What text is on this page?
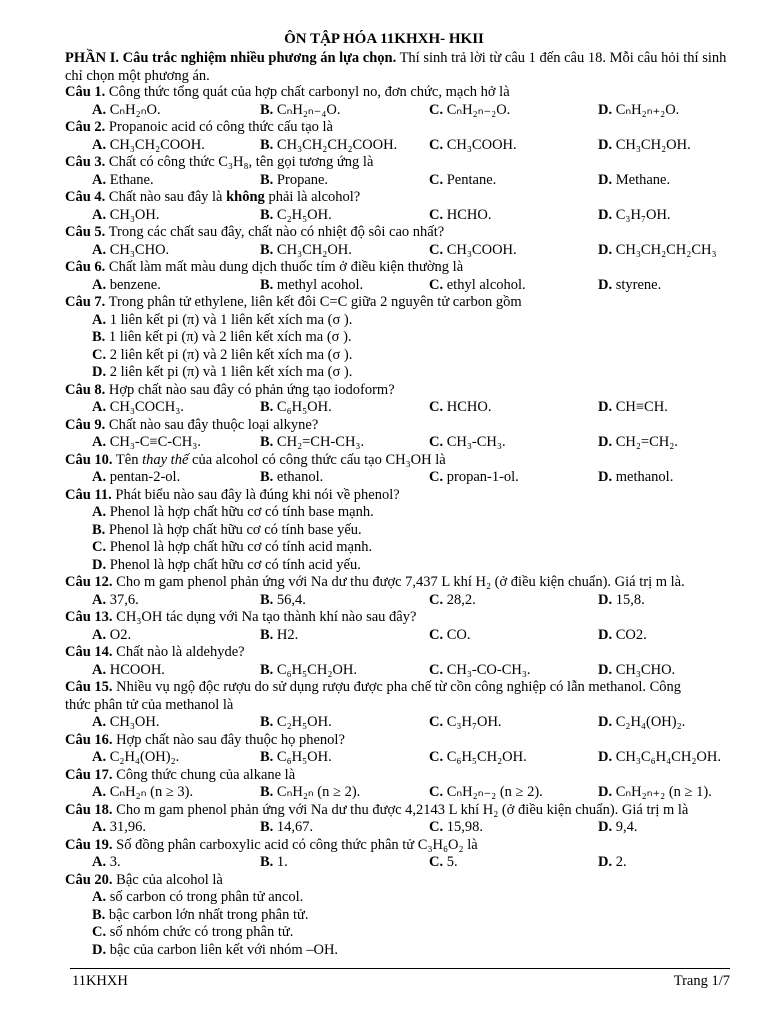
ÔN TẬP HÓA 11KHXH- HKII
PHẦN I. Câu trắc nghiệm nhiều phương án lựa chọn. Thí sinh trả lời từ câu 1 đến câu 18. Mỗi câu hỏi thí sinh chỉ chọn một phương án.
Câu 1. Công thức tổng quát của hợp chất carbonyl no, đơn chức, mạch hở là
A. CₙH₂ₙO.	B. CₙH₂ₙ₋₄O.	C. CₙH₂ₙ₋₂O.	D. CₙH₂ₙ₊₂O.
Câu 2. Propanoic acid có công thức cấu tạo là
A. CH₃CH₂COOH.	B. CH₃CH₂CH₂COOH. C. CH₃COOH.	D. CH₃CH₂OH.
Câu 3. Chất có công thức C₃H₈, tên gọi tương ứng là
A. Ethane.	B. Propane.	C. Pentane.	D. Methane.
Câu 4. Chất nào sau đây là không phải là alcohol?
A. CH₃OH.	B. C₂H₅OH.	C. HCHO.	D. C₃H₇OH.
Câu 5. Trong các chất sau đây, chất nào có nhiệt độ sôi cao nhất?
A. CH₃CHO.	B. CH₃CH₂OH.	C. CH₃COOH.	D. CH₃CH₂CH₂CH₃
Câu 6. Chất làm mất màu dung dịch thuốc tím ở điều kiện thường là
A. benzene.	B. methyl acohol.	C. ethyl alcohol.	D. styrene.
Câu 7. Trong phân tử ethylene, liên kết đôi C=C giữa 2 nguyên tử carbon gồm
A. 1 liên kết pi (π) và 1 liên kết xích ma (σ ).
B. 1 liên kết pi (π) và 2 liên kết xích ma (σ ).
C. 2 liên kết pi (π) và 2 liên kết xích ma (σ ).
D. 2 liên kết pi (π) và 1 liên kết xích ma (σ ).
Câu 8. Hợp chất nào sau đây có phản ứng tạo iodoform?
A. CH₃COCH₃.	B. C₆H₅OH.	C. HCHO.	D. CH≡CH.
Câu 9. Chất nào sau đây thuộc loại alkyne?
A. CH₃-C≡C-CH₃.	B. CH₂=CH-CH₃.	C. CH₃-CH₃.	D. CH₂=CH₂.
Câu 10. Tên thay thế của alcohol có công thức cấu tạo CH₃OH là
A. pentan-2-ol.	B. ethanol.	C. propan-1-ol.	D. methanol.
Câu 11. Phát biểu nào sau đây là đúng khi nói về phenol?
A. Phenol là hợp chất hữu cơ có tính base mạnh.
B. Phenol là hợp chất hữu cơ có tính base yếu.
C. Phenol là hợp chất hữu cơ có tính acid mạnh.
D. Phenol là hợp chất hữu cơ có tính acid yếu.
Câu 12. Cho m gam phenol phản ứng với Na dư thu được 7,437 L khí H₂ (ở điều kiện chuẩn). Giá trị m là.
A. 37,6.	B. 56,4.	C. 28,2.	D. 15,8.
Câu 13. CH₃OH tác dụng với Na tạo thành khí nào sau đây?
A. O2.	B. H2.	C. CO.	D. CO2.
Câu 14. Chất nào là aldehyde?
A. HCOOH.	B. C₆H₅CH₂OH.	C. CH₃-CO-CH₃.	D. CH₃CHO.
Câu 15. Nhiều vụ ngộ độc rượu do sử dụng rượu được pha chế từ cồn công nghiệp có lẫn methanol. Công
thức phân tử của methanol là
A. CH₃OH.	B. C₂H₅OH.	C. C₃H₇OH.	D. C₂H₄(OH)₂.
Câu 16. Hợp chất nào sau đây thuộc họ phenol?
A. C₂H₄(OH)₂.	B. C₆H₅OH.	C. C₆H₅CH₂OH.	D. CH₃C₆H₄CH₂OH.
Câu 17. Công thức chung của alkane là
A. CₙH₂ₙ (n ≥ 3).	B. CₙH₂ₙ (n ≥ 2).	C. CₙH₂ₙ₋₂ (n ≥ 2).	D. CₙH₂ₙ₊₂ (n ≥ 1).
Câu 18. Cho m gam phenol phản ứng với Na dư thu được 4,2143 L khí H₂ (ở điều kiện chuẩn). Giá trị m là
A. 31,96.	B. 14,67.	C. 15,98.	D. 9,4.
Câu 19. Số đồng phân carboxylic acid có công thức phân tử C₃H₆O₂ là
A. 3.	B. 1.	C. 5.	D. 2.
Câu 20. Bậc của alcohol là
A. số carbon có trong phân tử ancol.
B. bậc carbon lớn nhất trong phân tử.
C. số nhóm chức có trong phân tử.
D. bậc của carbon liên kết với nhóm –OH.
11KHXH	Trang 1/7
